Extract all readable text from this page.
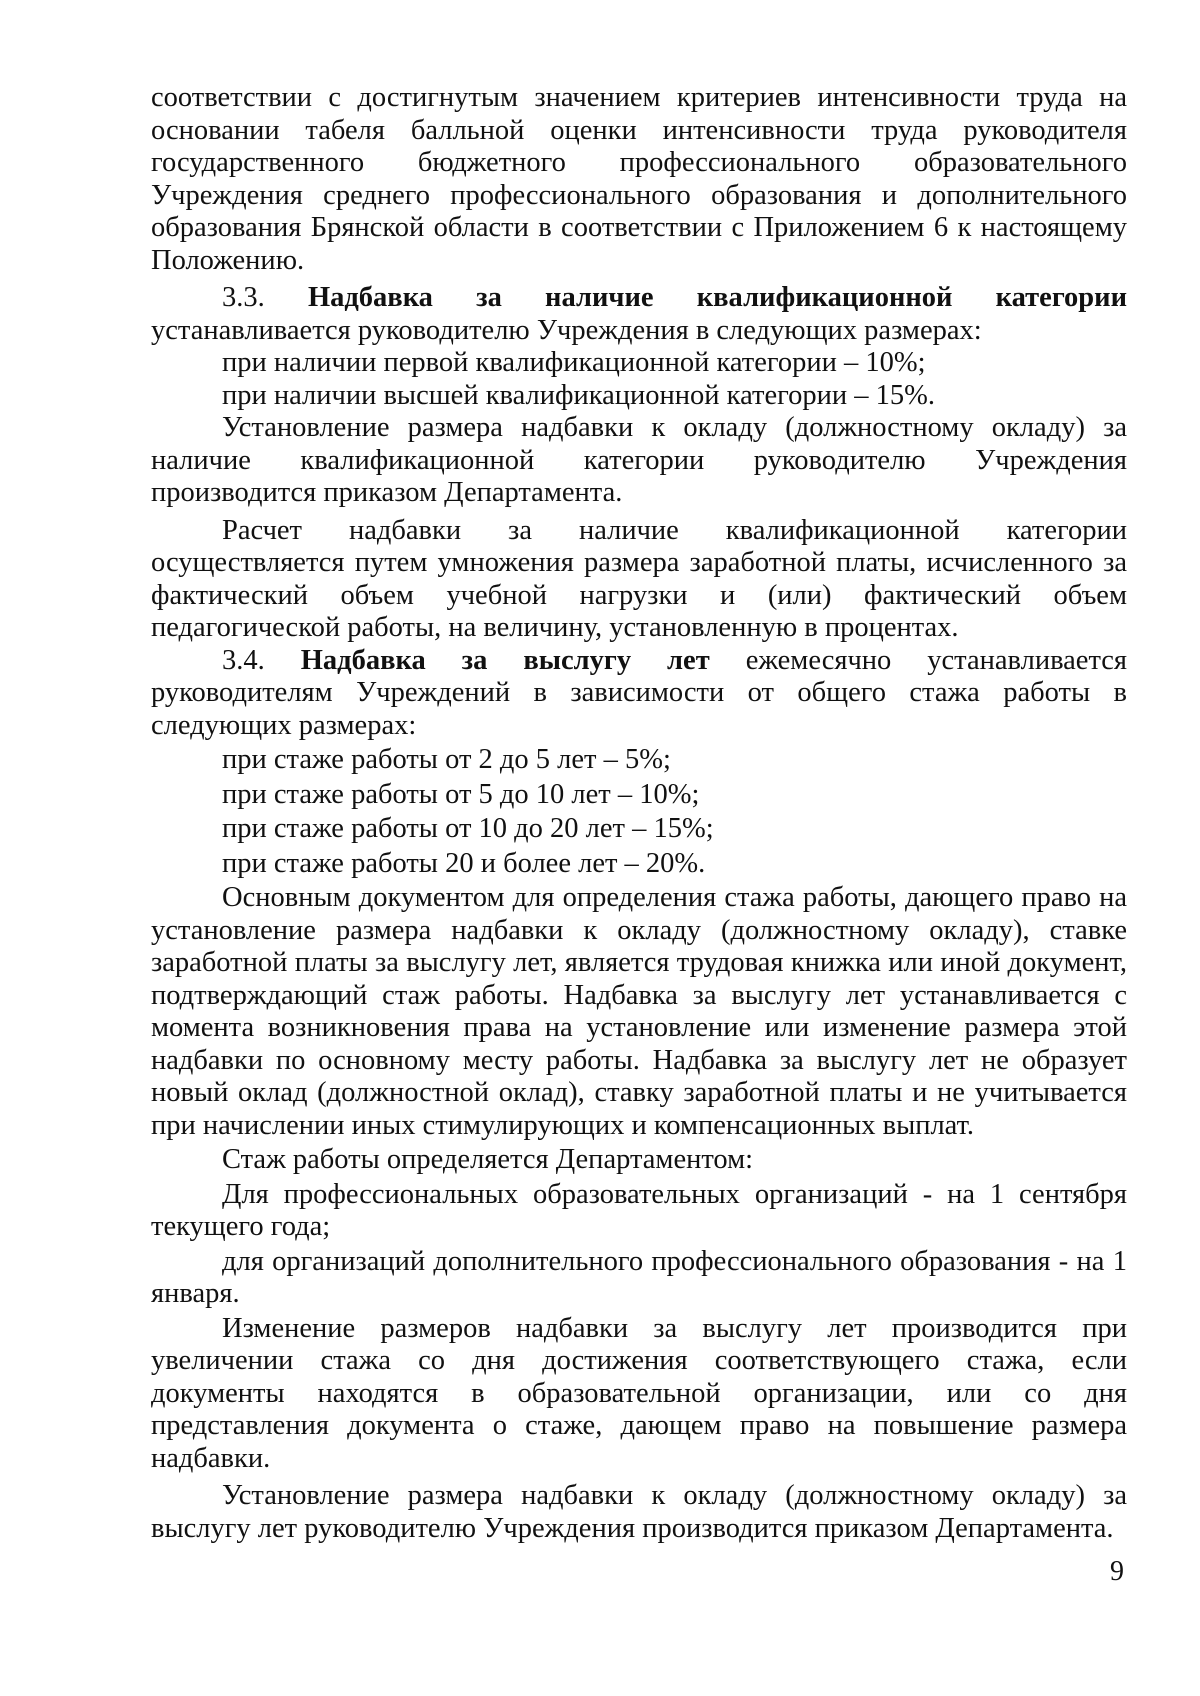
соответствии с достигнутым значением критериев интенсивности труда на основании табеля балльной оценки интенсивности труда руководителя государственного бюджетного профессионального образовательного Учреждения среднего профессионального образования и дополнительного образования Брянской области в соответствии с Приложением 6 к настоящему Положению.

3.3. Надбавка за наличие квалификационной категории устанавливается руководителю Учреждения в следующих размерах:

при наличии первой квалификационной категории – 10%;

при наличии высшей квалификационной категории – 15%.

Установление размера надбавки к окладу (должностному окладу) за наличие квалификационной категории руководителю Учреждения производится приказом Департамента.

Расчет надбавки за наличие квалификационной категории осуществляется путем умножения размера заработной платы, исчисленного за фактический объем учебной нагрузки и (или) фактический объем педагогической работы, на величину, установленную в процентах.

3.4. Надбавка за выслугу лет ежемесячно устанавливается руководителям Учреждений в зависимости от общего стажа работы в следующих размерах:

при стаже работы от 2 до 5 лет – 5%;

при стаже работы от 5 до 10 лет – 10%;

при стаже работы от 10 до 20 лет – 15%;

при стаже работы 20 и более лет – 20%.

Основным документом для определения стажа работы, дающего право на установление размера надбавки к окладу (должностному окладу), ставке заработной платы за выслугу лет, является трудовая книжка или иной документ, подтверждающий стаж работы. Надбавка за выслугу лет устанавливается с момента возникновения права на установление или изменение размера этой надбавки по основному месту работы. Надбавка за выслугу лет не образует новый оклад (должностной оклад), ставку заработной платы и не учитывается при начислении иных стимулирующих и компенсационных выплат.

Стаж работы определяется Департаментом:

Для профессиональных образовательных организаций - на 1 сентября текущего года;

для организаций дополнительного профессионального образования - на 1 января.

Изменение размеров надбавки за выслугу лет производится при увеличении стажа со дня достижения соответствующего стажа, если документы находятся в образовательной организации, или со дня представления документа о стаже, дающем право на повышение размера надбавки.

Установление размера надбавки к окладу (должностному окладу) за выслугу лет руководителю Учреждения производится приказом Департамента.

9
